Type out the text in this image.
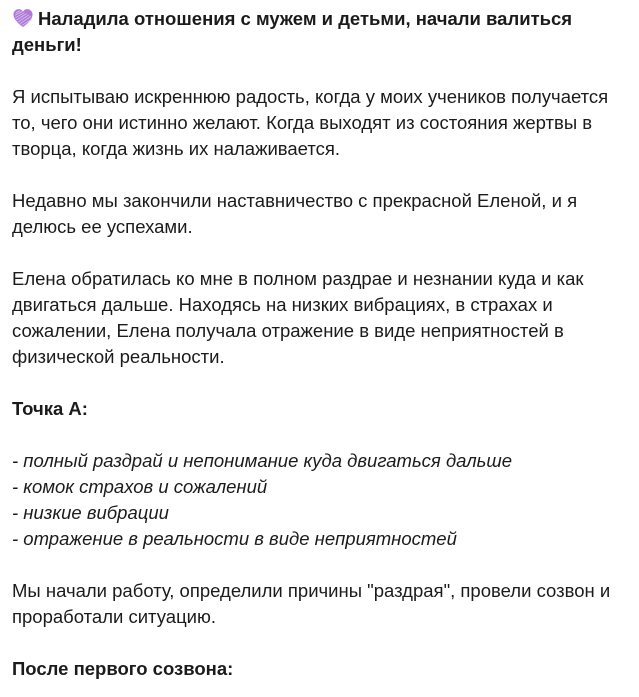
Наладила отношения с мужем и детьми, начали валиться деньги!

Я испытываю искреннюю радость, когда у моих учеников получается то, чего они истинно желают. Когда выходят из состояния жертвы в творца, когда жизнь их налаживается.

Недавно мы закончили наставничество с прекрасной Еленой, и я делюсь ее успехами.

Елена обратилась ко мне в полном раздрае и незнании куда и как двигаться дальше. Находясь на низких вибрациях, в страхах и сожалении, Елена получала отражение в виде неприятностей в физической реальности.

Точка А:

- полный раздрай и непонимание куда двигаться дальше
- комок страхов и сожалений
- низкие вибрации
- отражение в реальности в виде неприятностей

Мы начали работу, определили причины "раздрая", провели созвон и проработали ситуацию.

После первого созвона:
